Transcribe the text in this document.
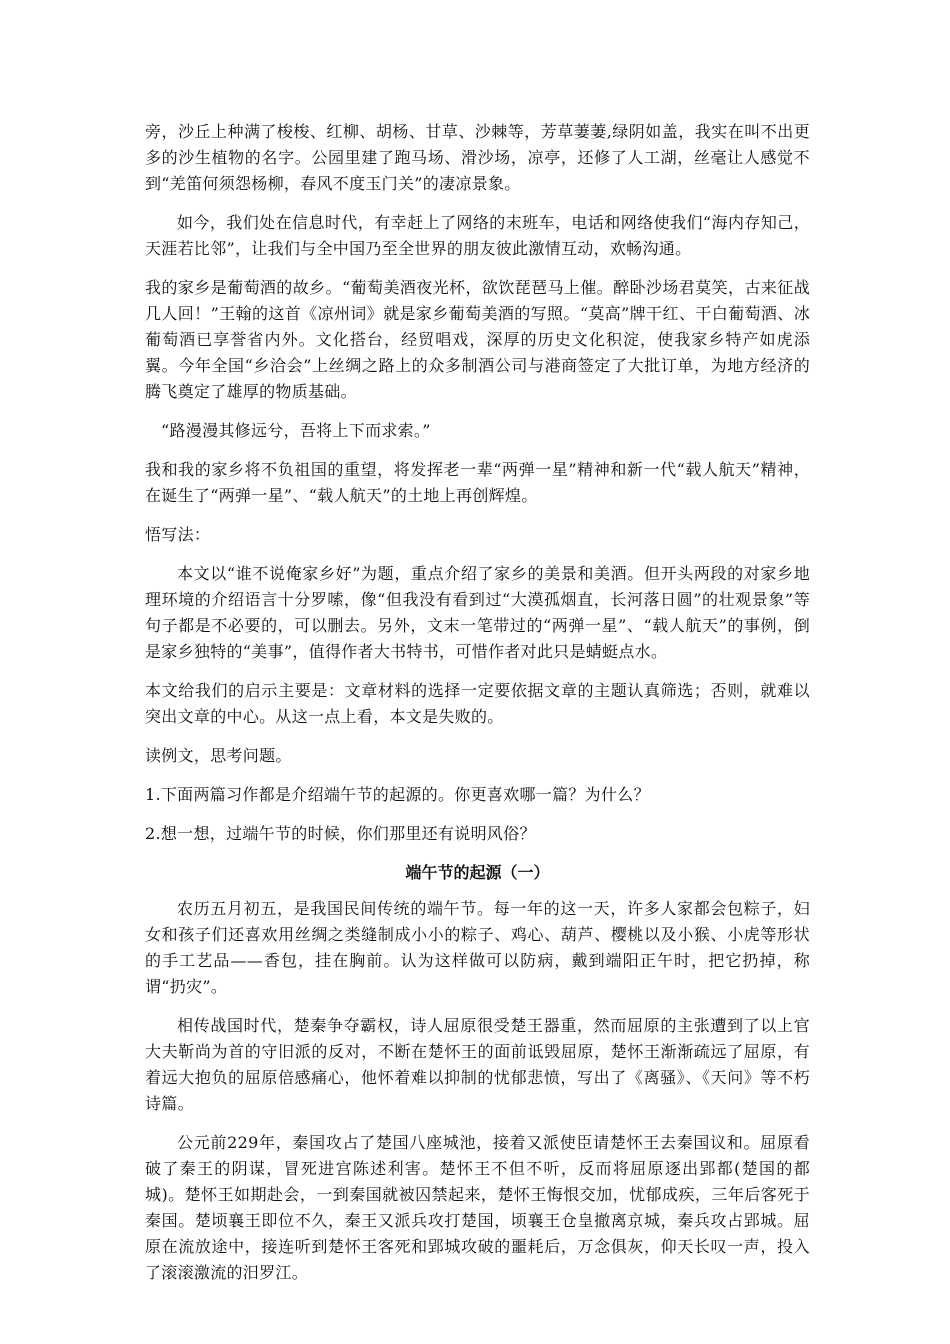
旁，沙丘上种满了梭梭、红柳、胡杨、甘草、沙棘等，芳草萋萋,绿阴如盖，我实在叫不出更多的沙生植物的名字。公园里建了跑马场、滑沙场，凉亭，还修了人工湖，丝毫让人感觉不到“羌笛何须怨杨柳，春风不度玉门关”的凄凉景象。

如今，我们处在信息时代，有幸赶上了网络的末班车，电话和网络使我们“海内存知己，天涯若比邻”，让我们与全中国乃至全世界的朋友彼此激情互动，欢畅沟通。

我的家乡是葡萄酒的故乡。“葡萄美酒夜光杯，欲饮琵琶马上催。醉卧沙场君莫笑，古来征战几人回！”王翰的这首《凉州词》就是家乡葡萄美酒的写照。“莫高”牌干红、干白葡萄酒、冰葡萄酒已享誉省内外。文化搭台，经贸唱戏，深厚的历史文化积淀，使我家乡特产如虎添翼。今年全国“乡洽会”上丝绸之路上的众多制酒公司与港商签定了大批订单，为地方经济的腾飞奠定了雄厚的物质基础。

“路漫漫其修远兮，吾将上下而求索。”

我和我的家乡将不负祖国的重望，将发挥老一辈“两弹一星”精神和新一代“载人航天”精神，在诞生了“两弹一星”、“载人航天”的土地上再创辉煌。

悟写法：

本文以“谁不说俺家乡好”为题，重点介绍了家乡的美景和美酒。但开头两段的对家乡地理环境的介绍语言十分罗嗦，像“但我没有看到过“大漠孤烟直，长河落日圆”的壮观景象”等句子都是不必要的，可以删去。另外，文末一笔带过的“两弹一星”、“载人航天”的事例，倒是家乡独特的“美事”，值得作者大书特书，可惜作者对此只是蜻蜓点水。

本文给我们的启示主要是：文章材料的选择一定要依据文章的主题认真筛选；否则，就难以突出文章的中心。从这一点上看，本文是失败的。

读例文，思考问题。

1.下面两篇习作都是介绍端午节的起源的。你更喜欢哪一篇？为什么？

2.想一想，过端午节的时候，你们那里还有说明风俗？

端午节的起源（一）

农历五月初五，是我国民间传统的端午节。每一年的这一天，许多人家都会包粽子，妇女和孩子们还喜欢用丝绸之类缝制成小小的粽子、鸡心、葫芦、樱桃以及小猴、小虎等形状的手工艺品——香包，挂在胸前。认为这样做可以防病，戴到端阳正午时，把它扔掉，称谓“扔灾”。

相传战国时代，楚秦争夺霸权，诗人屈原很受楚王器重，然而屈原的主张遭到了以上官大夫靳尚为首的守旧派的反对，不断在楚怀王的面前诋毁屈原，楚怀王渐渐疏远了屈原，有着远大抱负的屈原倍感痛心，他怀着难以抑制的忧郁悲愤，写出了《离骚》、《天问》等不朽诗篇。

公元前229年，秦国攻占了楚国八座城池，接着又派使臣请楚怀王去秦国议和。屈原看破了秦王的阴谋，冒死进宫陈述利害。楚怀王不但不听，反而将屈原逐出郢都(楚国的都城)。楚怀王如期赴会，一到秦国就被囚禁起来，楚怀王悔恨交加，忧郁成疾，三年后客死于秦国。楚顷襄王即位不久，秦王又派兵攻打楚国，顷襄王仓皇撤离京城，秦兵攻占郢城。屈原在流放途中，接连听到楚怀王客死和郢城攻破的噩耗后，万念俱灰，仰天长叹一声，投入了滚滚激流的汨罗江。
